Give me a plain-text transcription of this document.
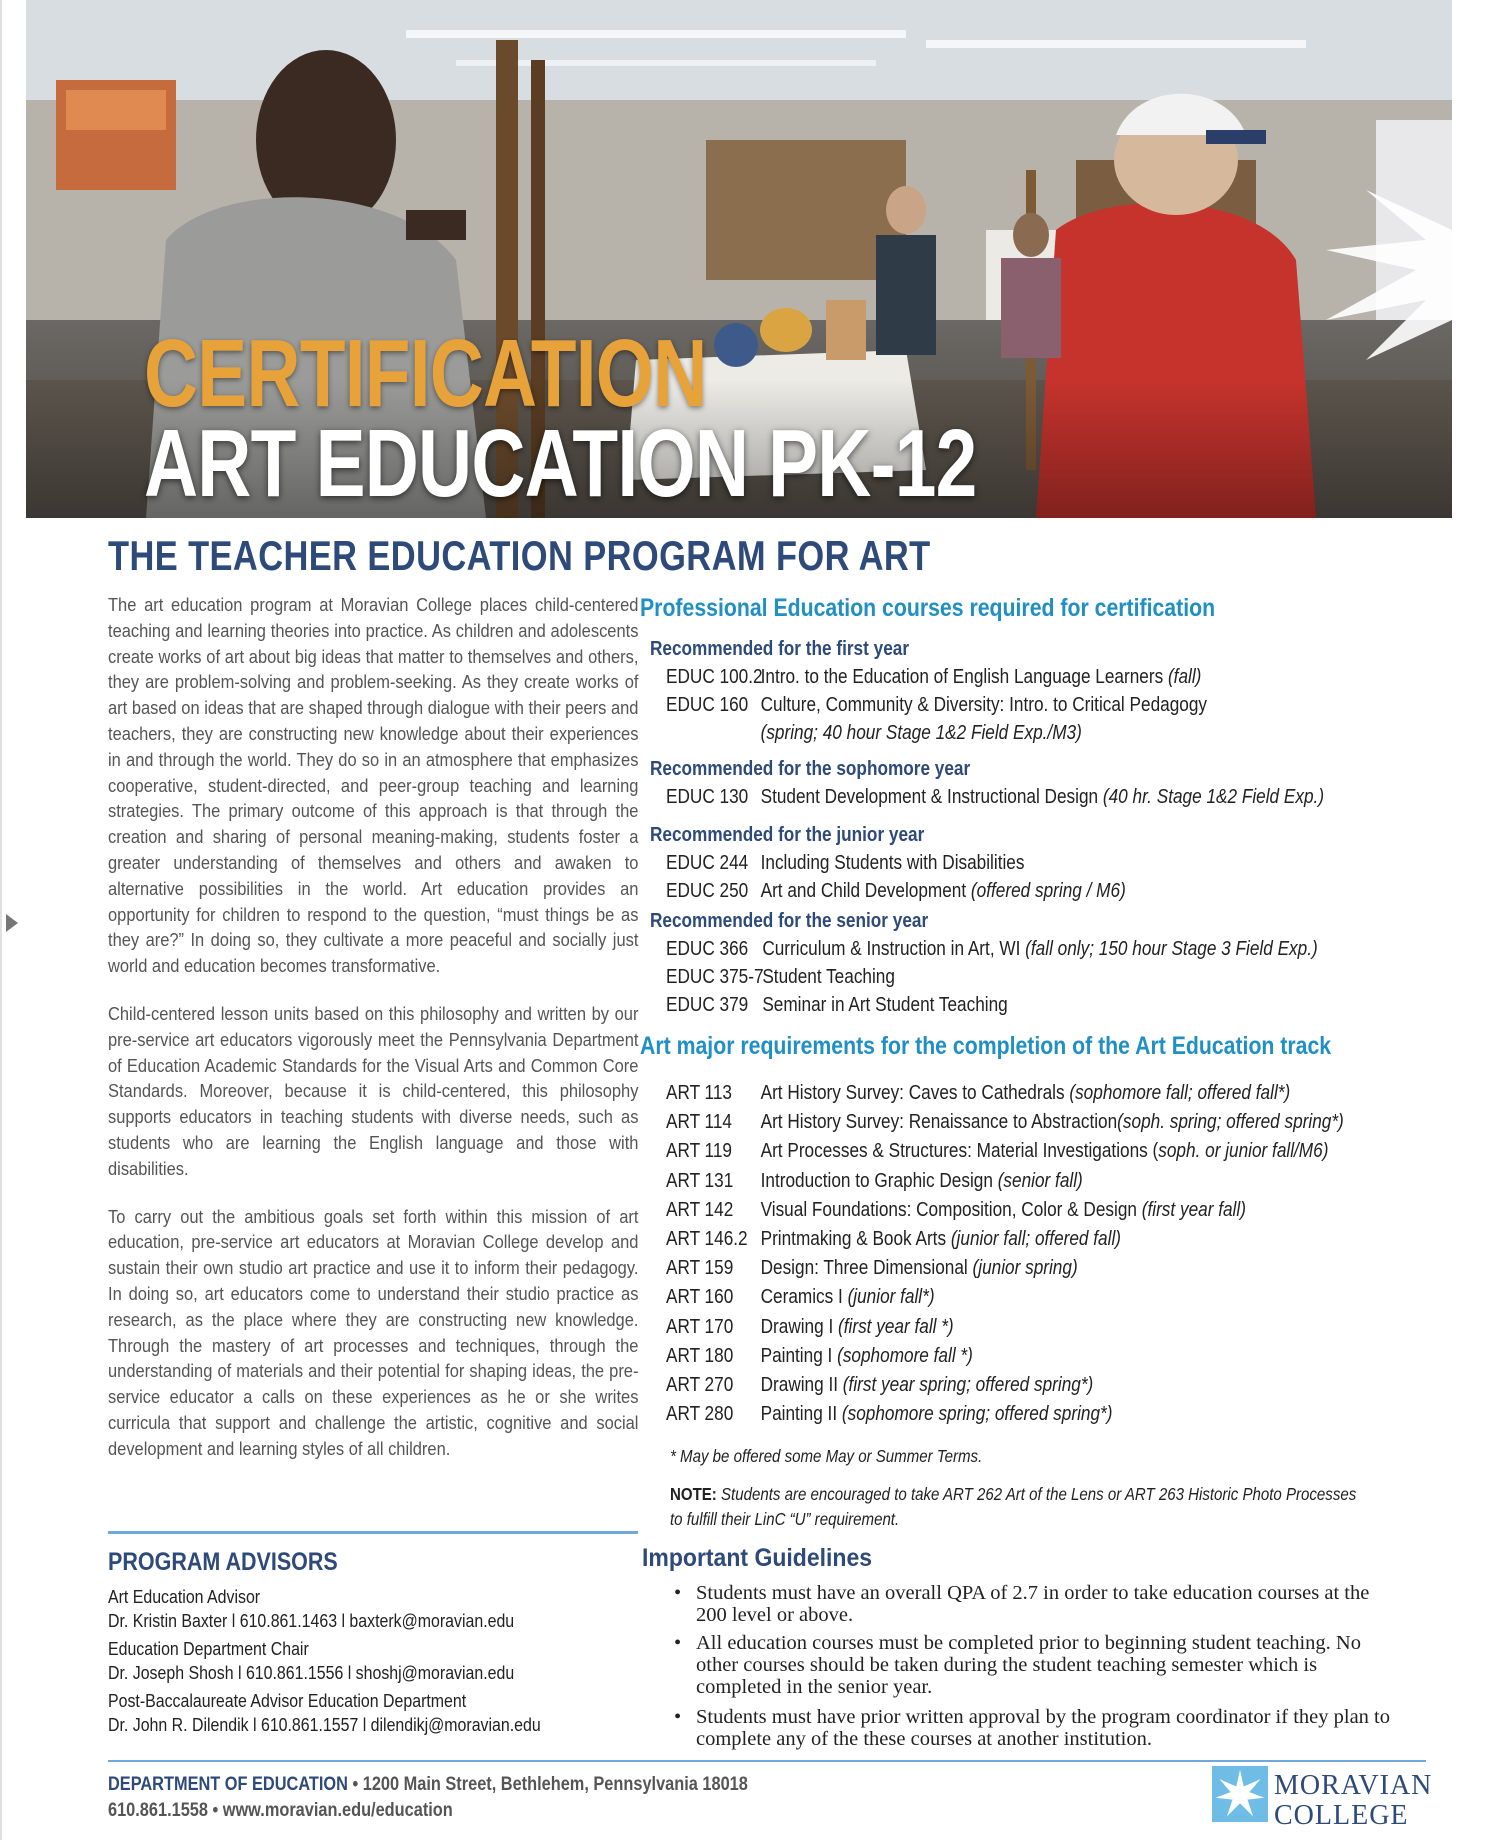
CERTIFICATION
ART EDUCATION PK-12
THE TEACHER EDUCATION PROGRAM FOR ART

The art education program at Moravian College places child-centered teaching and learning theories into practice. As children and adolescents create works of art about big ideas that matter to themselves and others, they are problem-solving and problem-seeking. As they create works of art based on ideas that are shaped through dialogue with their peers and teachers, they are constructing new knowledge about their experiences in and through the world. They do so in an atmosphere that emphasizes cooperative, student-directed, and peer-group teaching and learning strategies. The primary outcome of this approach is that through the creation and sharing of personal meaning-making, students foster a greater understanding of themselves and others and awaken to alternative possibilities in the world. Art education provides an opportunity for children to respond to the question, “must things be as they are?” In doing so, they cultivate a more peaceful and socially just world and education becomes transformative.

Child-centered lesson units based on this philosophy and written by our pre-service art educators vigorously meet the Pennsylvania Department of Education Academic Standards for the Visual Arts and Common Core Standards. Moreover, because it is child-centered, this philosophy supports educators in teaching students with diverse needs, such as students who are learning the English language and those with disabilities.

To carry out the ambitious goals set forth within this mission of art education, pre-service art educators at Moravian College develop and sustain their own studio art practice and use it to inform their pedagogy. In doing so, art educators come to understand their studio practice as research, as the place where they are constructing new knowledge. Through the mastery of art processes and techniques, through the understanding of materials and their potential for shaping ideas, the pre-service educator a calls on these experiences as he or she writes curricula that support and challenge the artistic, cognitive and social development and learning styles of all children.

PROGRAM ADVISORS
Art Education Advisor
Dr. Kristin Baxter l 610.861.1463 l baxterk@moravian.edu
Education Department Chair
Dr. Joseph Shosh l 610.861.1556 l shoshj@moravian.edu
Post-Baccalaureate Advisor Education Department
Dr. John R. Dilendik l 610.861.1557 l dilendikj@moravian.edu
Professional Education courses required for certification
Recommended for the first year
EDUC 100.2
Intro. to the Education of English Language Learners (fall)
EDUC 160 Culture, Community & Diversity: Intro. to Critical Pedagogy
(spring; 40 hour Stage 1&2 Field Exp./M3)
Recommended for the sophomore year
EDUC 130 Student Development & Instructional Design (40 hr. Stage 1&2 Field Exp.)
Recommended for the junior year
EDUC 244 Including Students with Disabilities
EDUC 250 Art and Child Development (offered spring / M6)
Recommended for the senior year
EDUC 366 Curriculum & Instruction in Art, WI (fall only; 150 hour Stage 3 Field Exp.)
EDUC 375-7
Student Teaching
EDUC 379 Seminar in Art Student Teaching
Art major requirements for the completion of the Art Education track
* May be offered some May or Summer Terms.
NOTE: Students are encouraged to take ART 262 Art of the Lens or ART 263 Historic Photo Processes
to fulfill their LinC “U” requirement.
Important Guidelines
• Students must have an overall QPA of 2.7 in order to take education courses at the 200 level or above.
• All education courses must be completed prior to beginning student teaching. No other courses should be taken during the student teaching semester which is completed in the senior year.
• Students must have prior written approval by the program coordinator if they plan to complete any of the these courses at another institution.
DEPARTMENT OF EDUCATION • 1200 Main Street, Bethlehem, Pennsylvania 18018
610.861.1558 • www.moravian.edu/education
MORAVIAN
COLLEGE
ART 113 Art History Survey: Caves to Cathedrals (sophomore fall; offered fall*)
ART 114 Art History Survey: Renaissance to Abstraction(soph. spring; offered spring*)
ART 119 Art Processes & Structures: Material Investigations (soph. or junior fall/M6)
ART 131 Introduction to Graphic Design (senior fall)
ART 142 Visual Foundations: Composition, Color & Design (first year fall)
ART 146.2 Printmaking & Book Arts (junior fall; offered fall)
ART 159 Design: Three Dimensional (junior spring)
ART 160 Ceramics I (junior fall*)
ART 170 Drawing I (first year fall *)
ART 180 Painting I (sophomore fall *)
ART 270 Drawing II (first year spring; offered spring*)
ART 280 Painting II (sophomore spring; offered spring*)
